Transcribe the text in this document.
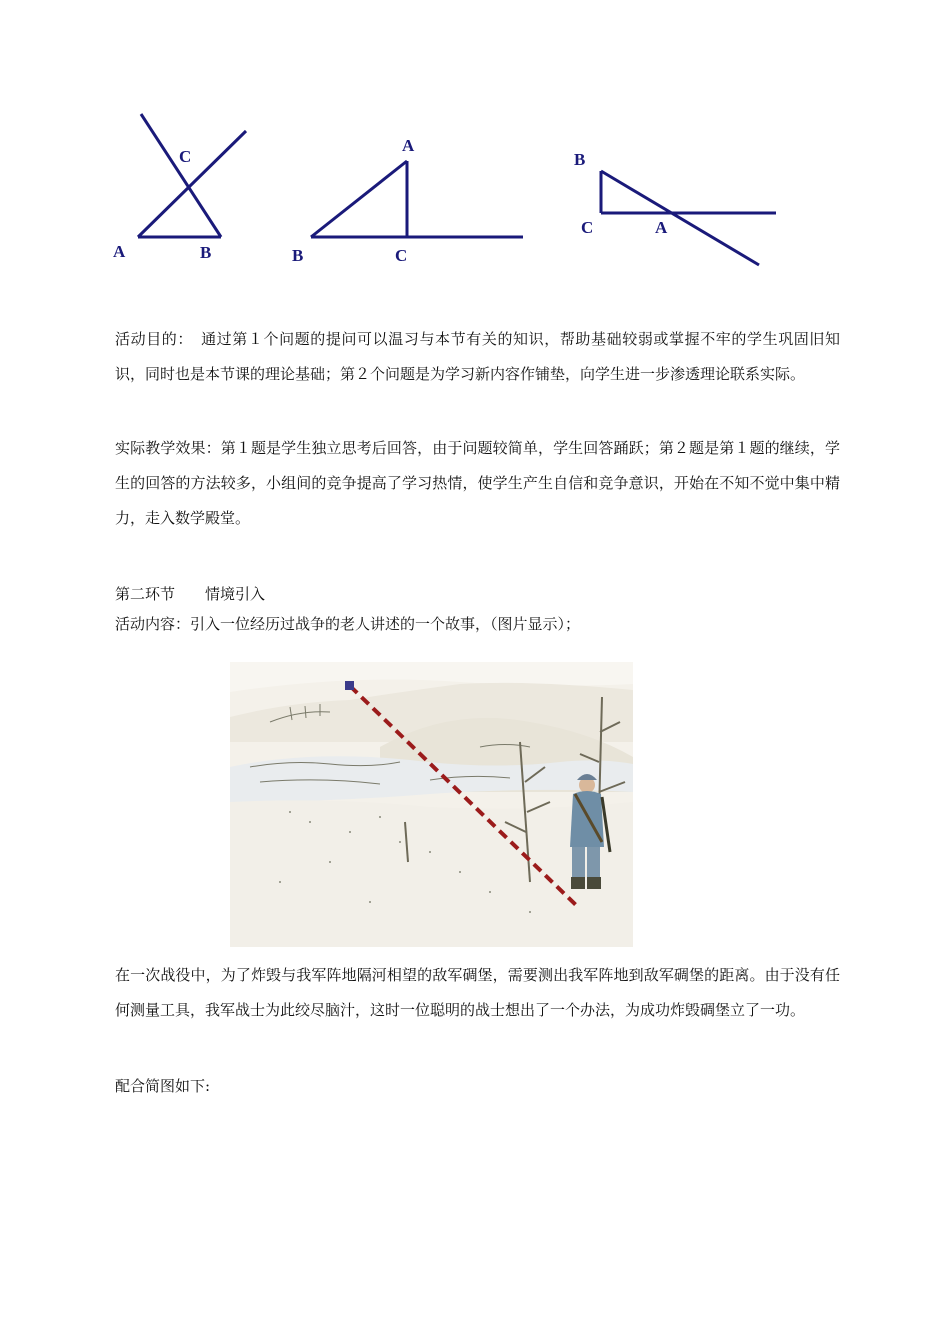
C
A	B
A
B	C
B
C	A
活动目的：　通过第１个问题的提问可以温习与本节有关的知识，帮助基础较弱或掌握不牢的学生巩固旧知识，同时也是本节课的理论基础；第２个问题是为学习新内容作铺垫，向学生进一步渗透理论联系实际。
实际教学效果：第１题是学生独立思考后回答，由于问题较简单，学生回答踊跃；第２题是第１题的继续，学生的回答的方法较多，小组间的竞争提高了学习热情，使学生产生自信和竞争意识，开始在不知不觉中集中精力，走入数学殿堂。
第二环节　　情境引入
活动内容：引入一位经历过战争的老人讲述的一个故事，（图片显示）；
在一次战役中，为了炸毁与我军阵地隔河相望的敌军碉堡，需要测出我军阵地到敌军碉堡的距离。由于没有任何测量工具，我军战士为此绞尽脑汁，这时一位聪明的战士想出了一个办法，为成功炸毁碉堡立了一功。
配合简图如下:
